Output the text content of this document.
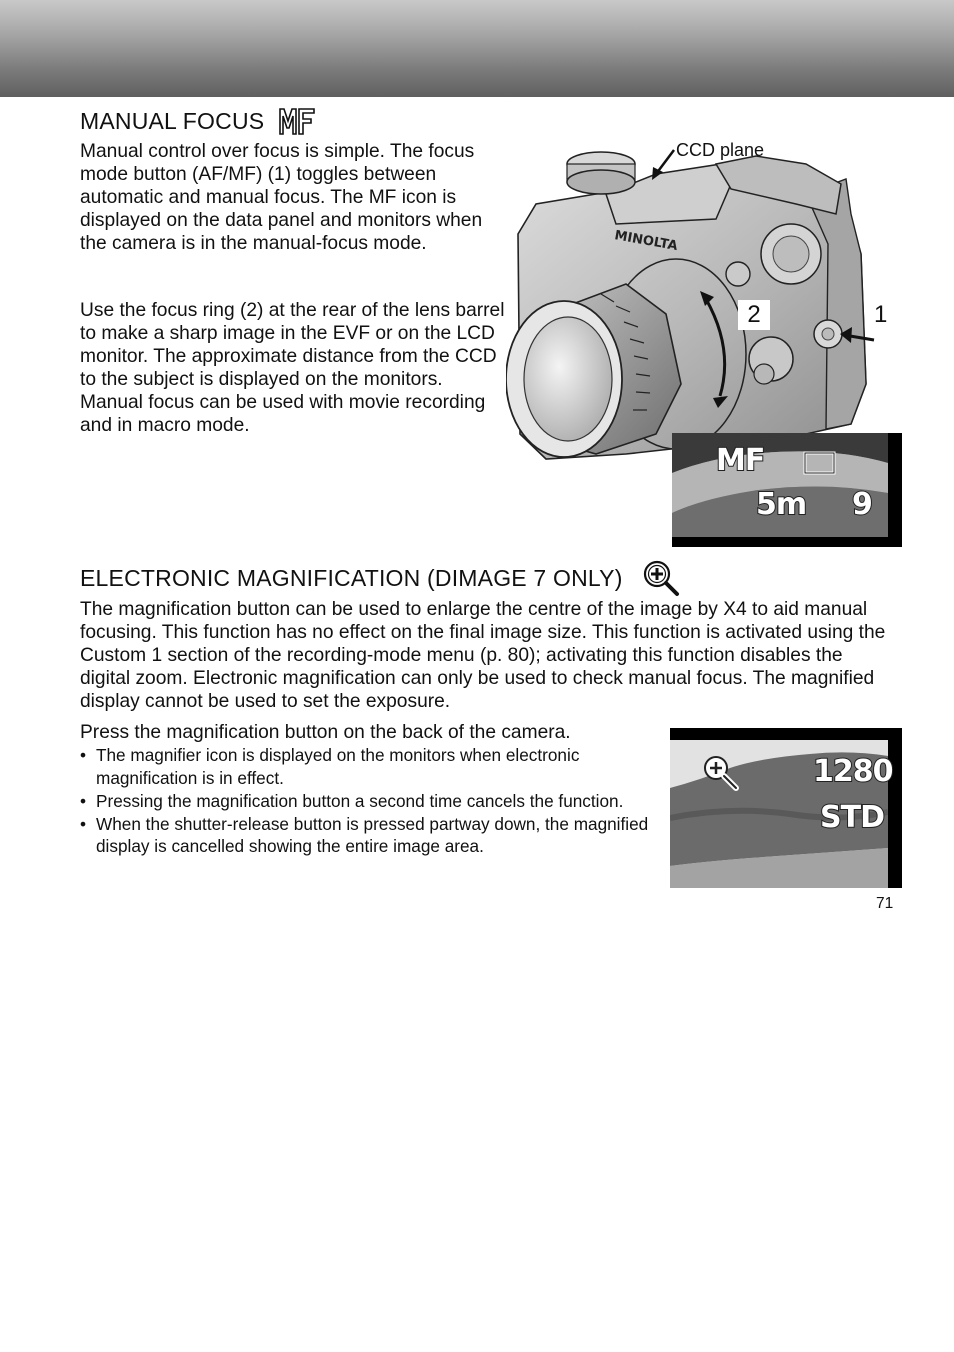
MANUAL FOCUS

Manual control over focus is simple. The focus mode button (AF/MF) (1) toggles between automatic and manual focus. The MF icon is displayed on the data panel and monitors when the camera is in the manual-focus mode.

Use the focus ring (2) at the rear of the lens barrel to make a sharp image in the EVF or on the LCD monitor. The approximate distance from the CCD to the subject is displayed on the monitors. Manual focus can be used with movie recording and in macro mode.

MINOLTA
CCD plane
2	1
MF
5m 9
ELECTRONIC MAGNIFICATION (DIMAGE 7 ONLY)

The magnification button can be used to enlarge the centre of the image by X4 to aid manual focusing. This function has no effect on the final image size. This function is activated using the Custom 1 section of the recording-mode menu (p. 80); activating this function disables the digital zoom. Electronic magnification can only be used to check manual focus. The magnified display cannot be used to set the exposure.

Press the magnification button on the back of the camera.

• The magnifier icon is displayed on the monitors when electronic magnification is in effect.
• Pressing the magnification button a second time cancels the function.
• When the shutter-release button is pressed partway down, the magnified display is cancelled showing the entire image area.
1280
STD
71
